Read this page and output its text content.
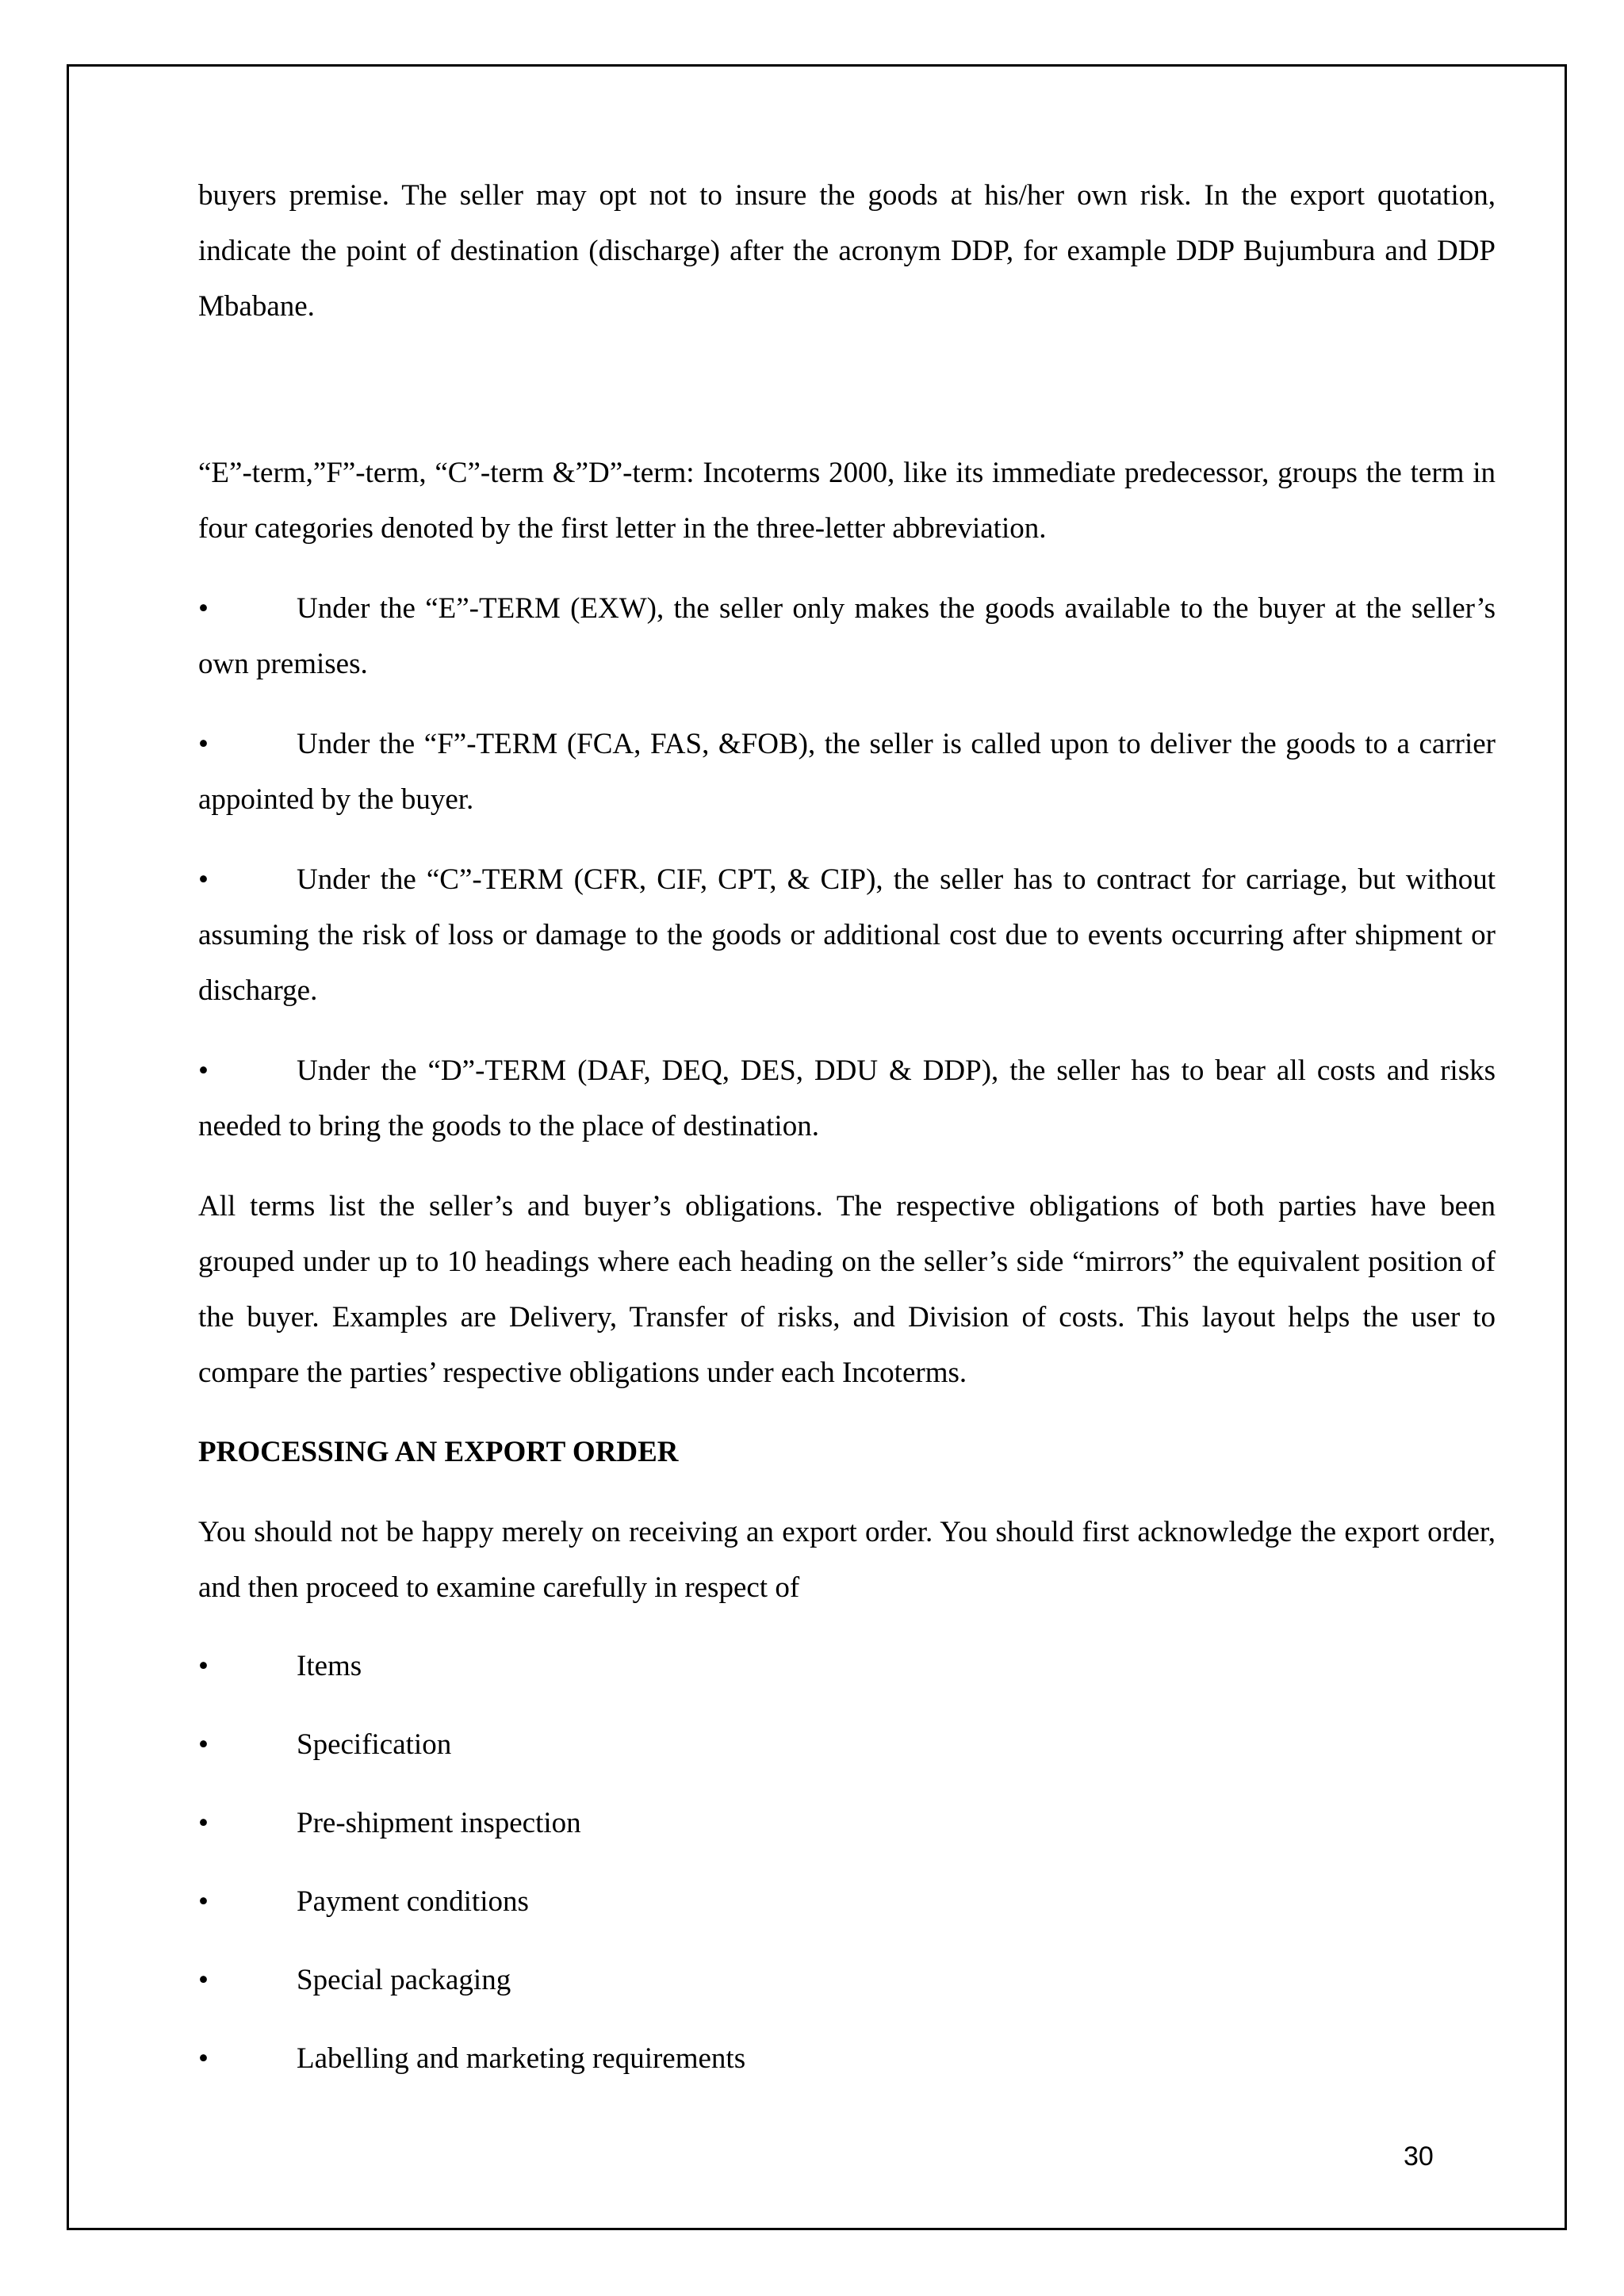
buyers premise. The seller may opt not to insure the goods at his/her own risk. In the export quotation, indicate the point of destination (discharge) after the acronym DDP, for example DDP Bujumbura and DDP Mbabane.

“E”-term,”F”-term, “C”-term &”D”-term: Incoterms 2000, like its immediate predecessor, groups the term in four categories denoted by the first letter in the three-letter abbreviation.

•	Under the “E”-TERM (EXW), the seller only makes the goods available to the buyer at the seller’s own premises.

•	Under the “F”-TERM (FCA, FAS, &FOB), the seller is called upon to deliver the goods to a carrier appointed by the buyer.

•	Under the “C”-TERM (CFR, CIF, CPT, & CIP), the seller has to contract for carriage, but without assuming the risk of loss or damage to the goods or additional cost due to events occurring after shipment or discharge.

•	Under the “D”-TERM (DAF, DEQ, DES, DDU & DDP), the seller has to bear all costs and risks needed to bring the goods to the place of destination.

All terms list the seller’s and buyer’s obligations. The respective obligations of both parties have been grouped under up to 10 headings where each heading on the seller’s side “mirrors” the equivalent position of the buyer. Examples are Delivery, Transfer of risks, and Division of costs. This layout helps the user to compare the parties’ respective obligations under each Incoterms.

PROCESSING AN EXPORT ORDER

You should not be happy merely on receiving an export order. You should first acknowledge the export order, and then proceed to examine carefully in respect of

•	Items

•	Specification

•	Pre-shipment inspection

•	Payment conditions

•	Special packaging

•	Labelling and marketing requirements

30
